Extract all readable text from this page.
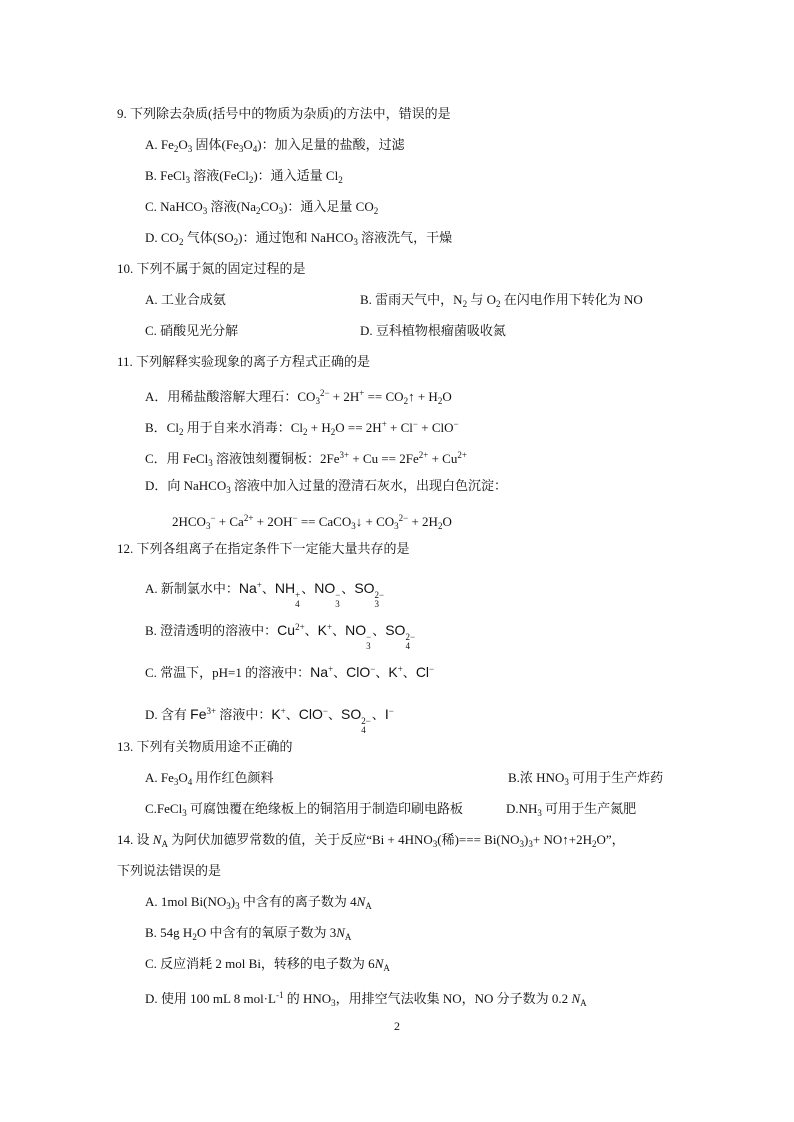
9. 下列除去杂质(括号中的物质为杂质)的方法中，错误的是
A. $Fe_2O_3$ 固体$(Fe_3O_4)$：加入足量的盐酸，过滤
B. FeCl$_3$ 溶液(FeCl$_2$)：通入适量 $Cl_2$
C. NaHCO$_3$ 溶液$(Na_2CO_3)$：通入足量 $CO_2$
D. $CO_2$ 气体$(SO_2)$：通过饱和 NaHCO$_3$ 溶液洗气，干燥
10. 下列不属于氮的固定过程的是
A. 工业合成氨	B. 雷雨天气中，$N_2$ 与 $O_2$ 在闪电作用下转化为 NO
C. 硝酸见光分解	D. 豆科植物根瘤菌吸收氮
11. 下列解释实验现象的离子方程式正确的是
A．用稀盐酸溶解大理石：$CO_3^{2-} + 2H^+$ == $CO_2↑ + H_2O$
B．$Cl_2$ 用于自来水消毒：$Cl_2 + H_2O == 2H^+ + Cl^- + ClO^-$
C．用 FeCl$_3$ 溶液蚀刻覆铜板：$2Fe^{3+} + Cu == 2Fe^{2+} + Cu^{2+}$
D．向 NaHCO$_3$ 溶液中加入过量的澄清石灰水，出现白色沉淀：
$2HCO_3^- + Ca^{2+} + 2OH^-$ == CaCO$_3$↓ + $CO_3^{2-} + 2H_2O$
12. 下列各组离子在指定条件下一定能大量共存的是
A. 新制氯水中：Na+、NH +
4
、NO −
3
、SO 2−
3
B. 澄清透明的溶液中：$Cu^{2+}$、K+、NO −
3
、SO 2−
4
C. 常温下，pH=1 的溶液中：Na+、ClO−、K+、Cl−
D. 含有 $Fe^{3+}$ 溶液中：K+、ClO−、SO 2−
4
、I−
13. 下列有关物质用途不正确的
A. $Fe_3O_4$ 用作红色颜料	B.浓 $HNO_3$ 可用于生产炸药
C.FeCl$_3$ 可腐蚀覆在绝缘板上的铜箔用于制造印刷电路板	$D.NH_3$ 可用于生产氮肥
14. 设 $N_A$ 为阿伏加德罗常数的值，关于反应“$Bi + 4HNO_3$(稀)=== $Bi(NO_3)_3+$ $NO↑+2H_2O$”，
下列说法错误的是
A. 1mol $Bi(NO_3)_3$ 中含有的离子数为 $4N_A$
B. 54g $H_2O$ 中含有的氧原子数为 $3N_A$
C. 反应消耗 2 mol Bi，转移的电子数为 $6N_A$
D. 使用 100 mL 8 $mol\cdot L^{-1}$ 的 $HNO_3$，用排空气法收集 NO，NO 分子数为 0.2 $N_A$
2
